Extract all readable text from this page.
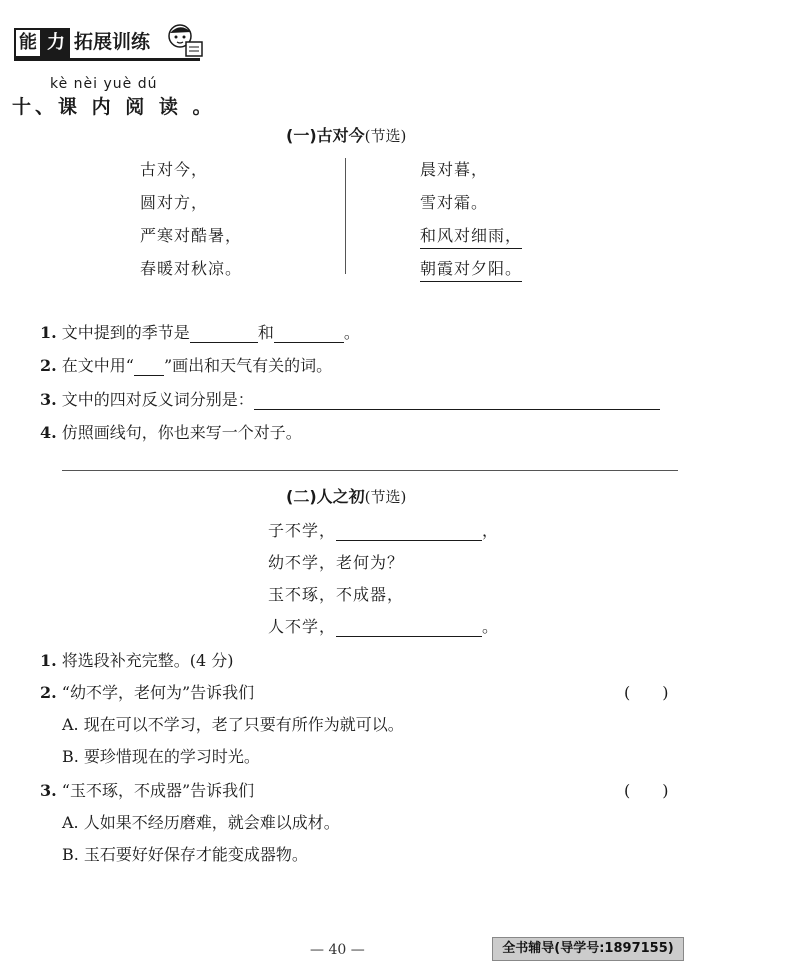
能 力 拓展训练
kè nèi yuè dú
十、课 内 阅 读 。
(一)古对今(节选)
古对今，
圆对方，
严寒对酷暑，
春暖对秋凉。
晨对暮，
雪对霜。
和风对细雨，
朝霞对夕阳。
1. 文中提到的季节是	和	。
2. 在文中用“ ”画出和天气有关的词。
3. 文中的四对反义词分别是：
4. 仿照画线句，你也来写一个对子。
(二)人之初(节选)
子不学，	，
幼不学，老何为？
玉不琢，不成器，
人不学，	。
1. 将选段补充完整。(4 分)
2. “幼不学，老何为”告诉我们	(　　)
A. 现在可以不学习，老了只要有所作为就可以。
B. 要珍惜现在的学习时光。
3. “玉不琢，不成器”告诉我们	(　　)
A. 人如果不经历磨难，就会难以成材。
B. 玉石要好好保存才能变成器物。
— 40 —	全书辅导(导学号:1897155)
